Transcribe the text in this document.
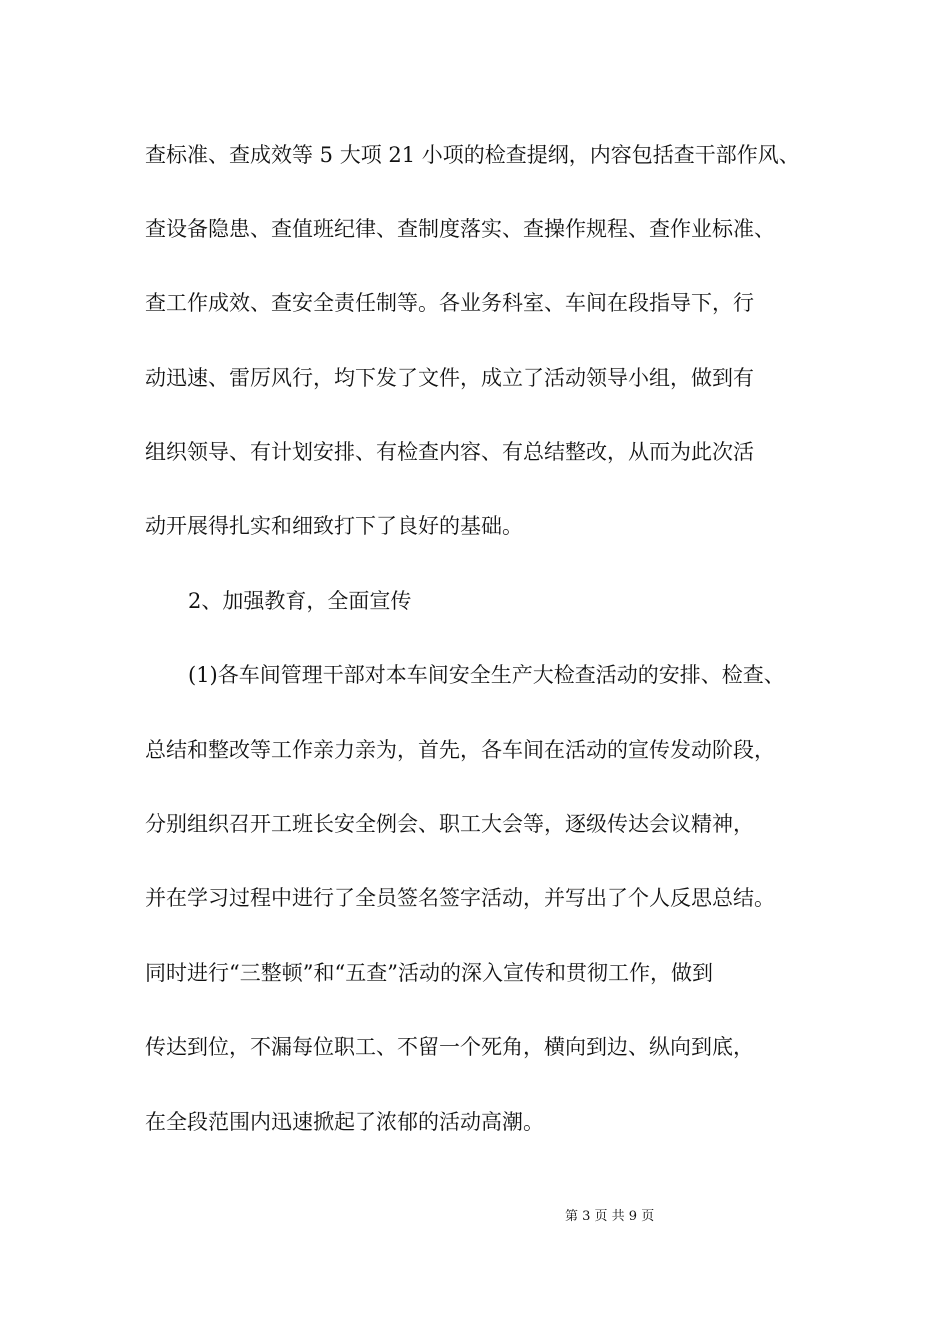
查标准、查成效等 5 大项 21 小项的检查提纲，内容包括查干部作风、
查设备隐患、查值班纪律、查制度落实、查操作规程、查作业标准、
查工作成效、查安全责任制等。各业务科室、车间在段指导下，行
动迅速、雷厉风行，均下发了文件，成立了活动领导小组，做到有
组织领导、有计划安排、有检查内容、有总结整改，从而为此次活
动开展得扎实和细致打下了良好的基础。
2、加强教育，全面宣传
(1)各车间管理干部对本车间安全生产大检查活动的安排、检查、
总结和整改等工作亲力亲为，首先，各车间在活动的宣传发动阶段，
分别组织召开工班长安全例会、职工大会等，逐级传达会议精神，
并在学习过程中进行了全员签名签字活动，并写出了个人反思总结。
同时进行“三整顿”和“五查”活动的深入宣传和贯彻工作，做到
传达到位，不漏每位职工、不留一个死角，横向到边、纵向到底，
在全段范围内迅速掀起了浓郁的活动高潮。
第 3 页 共 9 页
